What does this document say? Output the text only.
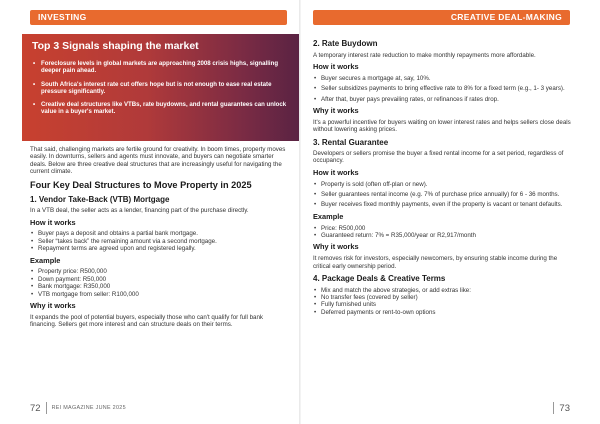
INVESTING	CREATIVE DEAL-MAKING
Top 3 Signals shaping the market
• Foreclosure levels in global markets are approaching 2008 crisis highs, signalling deeper pain ahead.
• South Africa's interest rate cut offers hope but is not enough to ease real estate pressure significantly.
• Creative deal structures like VTBs, rate buydowns, and rental guarantees can unlock value in a buyer's market.

That said, challenging markets are fertile ground for creativity. In boom times, property moves easily. In downturns, sellers and agents must innovate, and buyers can negotiate smarter deals. Below are three creative deal structures that are increasingly useful for navigating the current climate.

Four Key Deal Structures to Move Property in 2025
1. Vendor Take-Back (VTB) Mortgage

In a VTB deal, the seller acts as a lender, financing part of the purchase directly.

How it works
• Buyer pays a deposit and obtains a partial bank mortgage.
• Seller “takes back” the remaining amount via a second mortgage.
• Repayment terms are agreed upon and registered legally.
Example
• Property price: R500,000
• Down payment: R50,000
• Bank mortgage: R350,000
• VTB mortgage from seller: R100,000
Why it works

It expands the pool of potential buyers, especially those who can't qualify for full bank financing. Sellers get more interest and can structure deals on their terms.

2. Rate Buydown

A temporary interest rate reduction to make monthly repayments more affordable.

How it works
• Buyer secures a mortgage at, say, 10%.
• Seller subsidizes payments to bring effective rate to 8% for a fixed term (e.g., 1- 3 years).
• After that, buyer pays prevailing rates, or refinances if rates drop.
Why it works

It's a powerful incentive for buyers waiting on lower interest rates and helps sellers close deals without lowering asking prices.

3. Rental Guarantee

Developers or sellers promise the buyer a fixed rental income for a set period, regardless of occupancy.

How it works
• Property is sold (often off-plan or new).
• Seller guarantees rental income (e.g. 7% of purchase price annually) for 6 - 36 months.
• Buyer receives fixed monthly payments, even if the property is vacant or tenant defaults.
Example
• Price: R500,000
• Guaranteed return: 7% = R35,000/year or R2,917/month
Why it works

It removes risk for investors, especially newcomers, by ensuring stable income during the critical early ownership period.

4. Package Deals & Creative Terms
• Mix and match the above strategies, or add extras like:
• No transfer fees (covered by seller)
• Fully furnished units
• Deferred payments or rent-to-own options
72 REI MAGAZINE JUNE 2025	73
